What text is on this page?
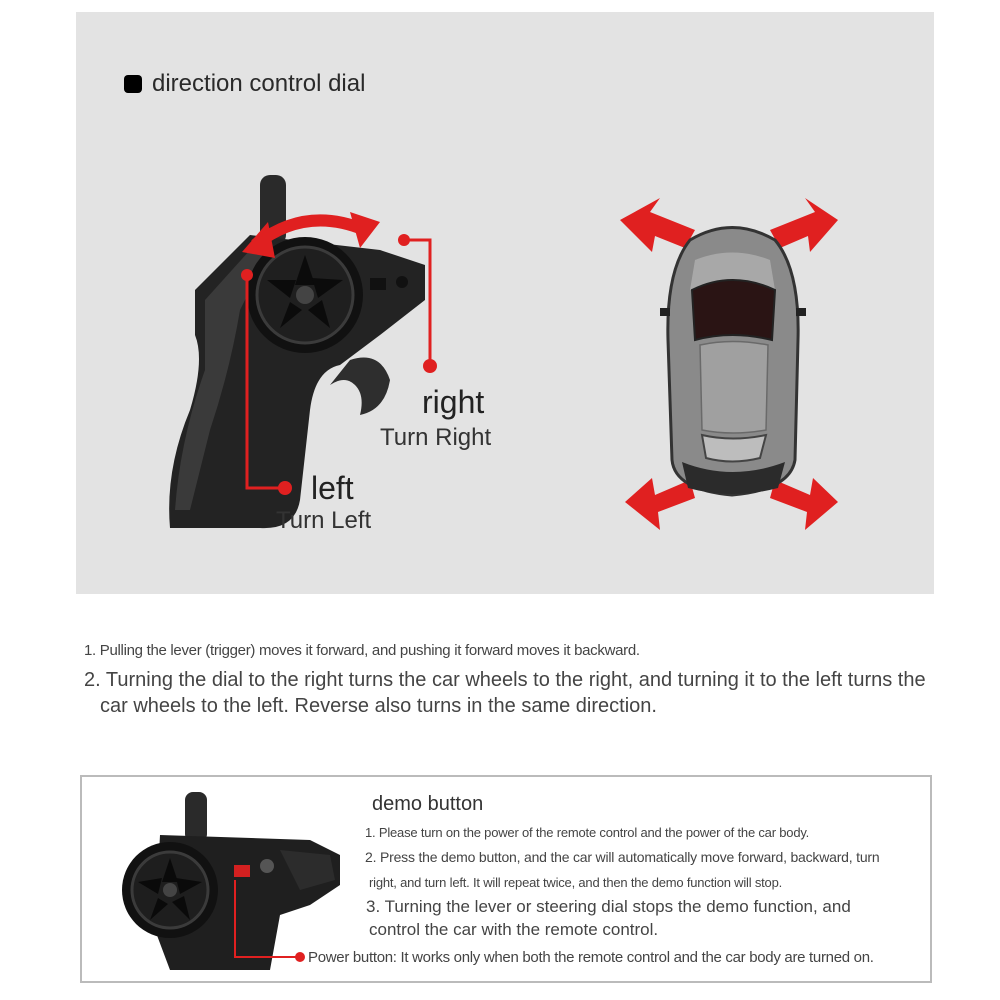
direction control dial
right
Turn Right
left
Turn Left
1. Pulling the lever (trigger) moves it forward, and pushing it forward moves it backward.
2. Turning the dial to the right turns the car wheels to the right, and turning it to the left turns the car wheels to the left. Reverse also turns in the same direction.
demo button
1. Please turn on the power of the remote control and the power of the car body.
2. Press the demo button, and the car will automatically move forward, backward, turn
right, and turn left. It will repeat twice, and then the demo function will stop.
3. Turning the lever or steering dial stops the demo function, and
control the car with the remote control.
Power button: It works only when both the remote control and the car body are turned on.
